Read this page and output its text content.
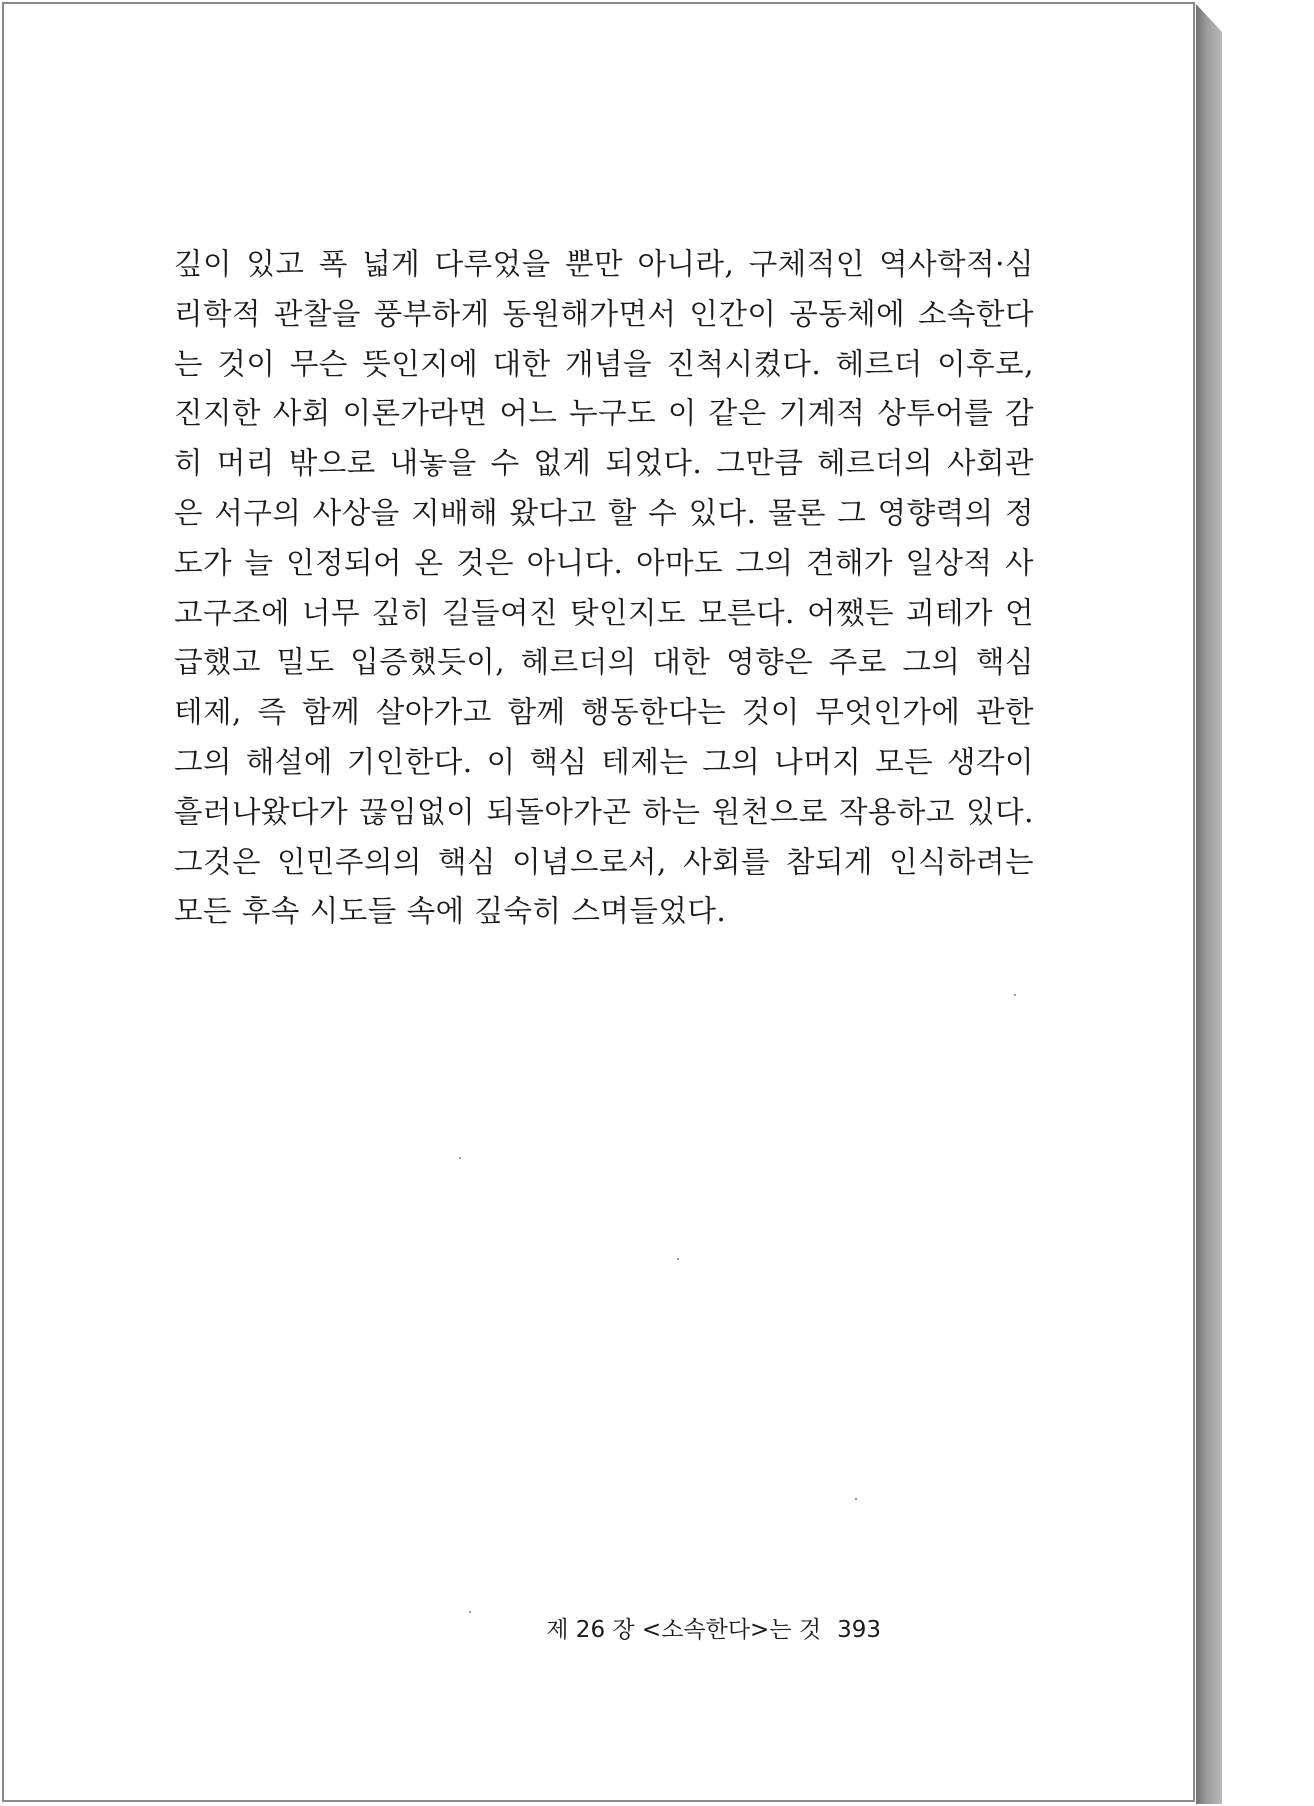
깊이 있고 폭 넓게 다루었을 뿐만 아니라, 구체적인 역사학적·심
리학적 관찰을 풍부하게 동원해가면서 인간이 공동체에 소속한다
는 것이 무슨 뜻인지에 대한 개념을 진척시켰다. 헤르더 이후로,
진지한 사회 이론가라면 어느 누구도 이 같은 기계적 상투어를 감
히 머리 밖으로 내놓을 수 없게 되었다. 그만큼 헤르더의 사회관
은 서구의 사상을 지배해 왔다고 할 수 있다. 물론 그 영향력의 정
도가 늘 인정되어 온 것은 아니다. 아마도 그의 견해가 일상적 사
고구조에 너무 깊히 길들여진 탓인지도 모른다. 어쨌든 괴테가 언
급했고 밀도 입증했듯이, 헤르더의 대한 영향은 주로 그의 핵심
테제, 즉 함께 살아가고 함께 행동한다는 것이 무엇인가에 관한
그의 해설에 기인한다. 이 핵심 테제는 그의 나머지 모든 생각이
흘러나왔다가 끊임없이 되돌아가곤 하는 원천으로 작용하고 있다.
그것은 인민주의의 핵심 이념으로서, 사회를 참되게 인식하려는
모든 후속 시도들 속에 깊숙히 스며들었다.
제 26 장 <소속한다>는 것 393
